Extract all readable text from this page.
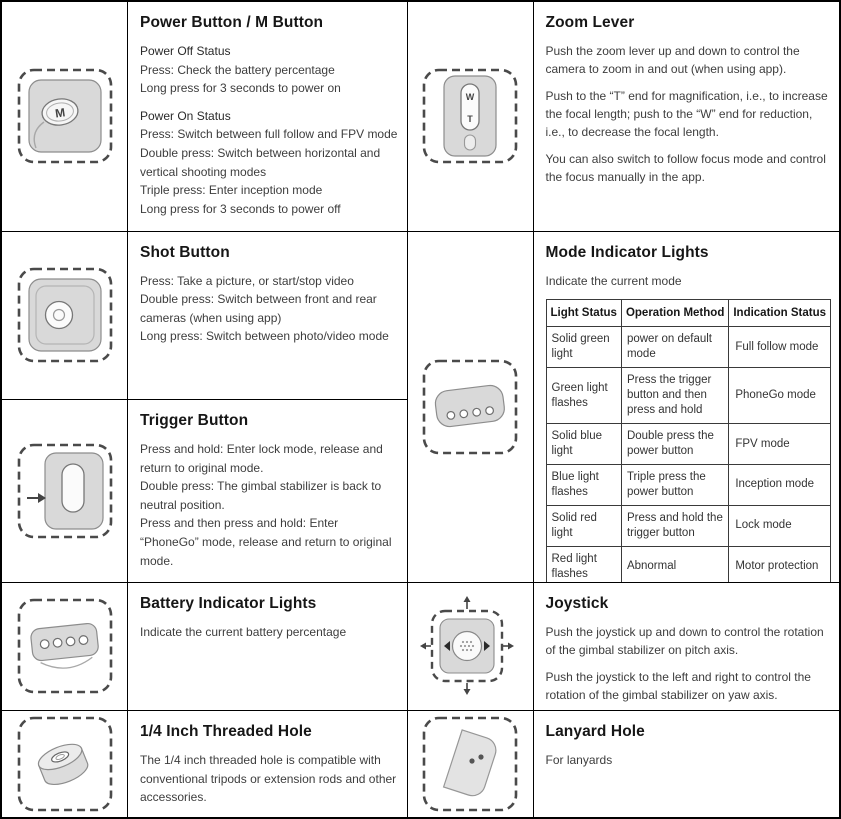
M
Power Button / M Button
Power Off Status
Press: Check the battery percentage
Long press for 3 seconds to power on
Power On Status
Press: Switch between full follow and FPV mode
Double press: Switch between horizontal and vertical shooting modes
Triple press: Enter inception mode
Long press for 3 seconds to power off
Shot Button
Press: Take a picture, or start/stop video
Double press: Switch between front and rear cameras (when using app)
Long press: Switch between photo/video mode
Trigger Button
Press and hold: Enter lock mode, release and return to original mode.
Double press: The gimbal stabilizer is back to neutral position.
Press and then press and hold: Enter “PhoneGo” mode, release and return to original mode.
Battery Indicator Lights
Indicate the current battery percentage
1/4 Inch Threaded Hole
The 1/4 inch threaded hole is compatible with conventional tripods or extension rods and other accessories.
W
T
Zoom Lever
Push the zoom lever up and down to control the camera to zoom in and out (when using app).
Push to the “T” end for magnification, i.e., to increase the focal length; push to the “W” end for reduction, i.e., to decrease the focal length.
You can also switch to follow focus mode and control the focus manually in the app.
Mode Indicator Lights
Indicate the current mode
Light Status	Operation Method	Indication Status
Solid green light	power on default mode	Full follow mode
Green light flashes	Press the trigger button and then press and hold	PhoneGo mode
Solid blue light	Double press the power button	FPV mode
Blue light flashes	Triple press the power button	Inception mode
Solid red light	Press and hold the trigger button	Lock mode
Red light flashes	Abnormal	Motor protection
Joystick
Push the joystick up and down to control the rotation of the gimbal stabilizer on pitch axis.
Push the joystick to the left and right to control the rotation of the gimbal stabilizer on yaw axis.
Lanyard Hole
For lanyards
